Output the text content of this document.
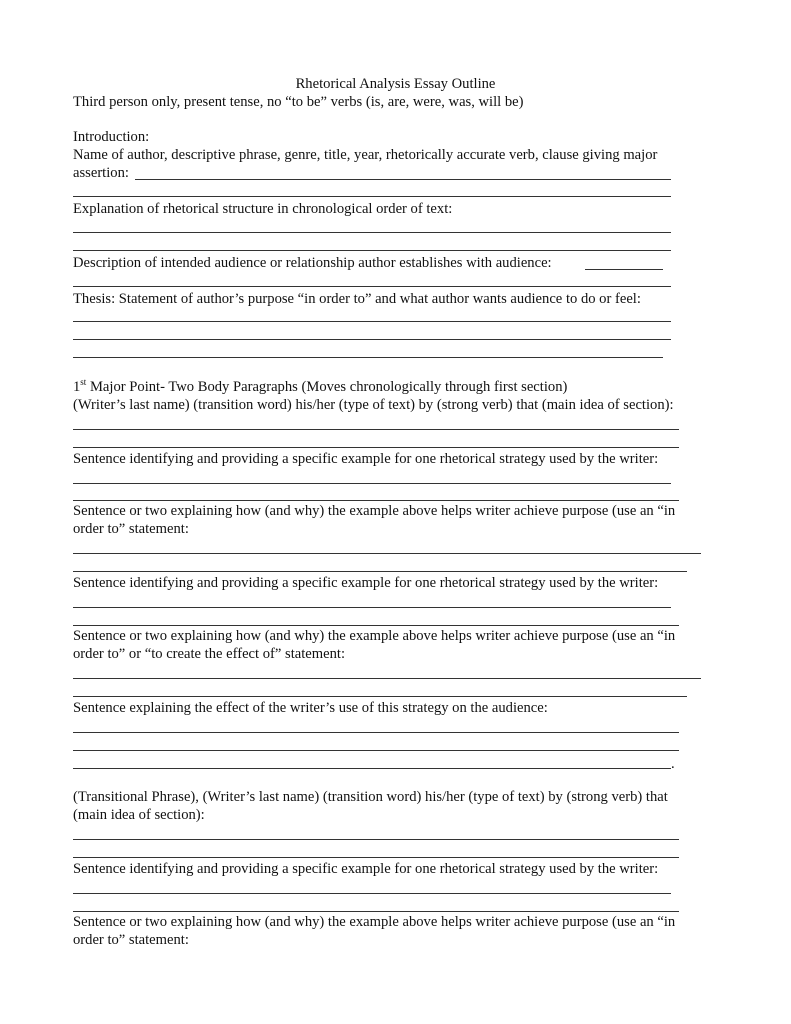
Rhetorical Analysis Essay Outline
Third person only, present tense, no “to be” verbs (is, are, were, was, will be)
Introduction:
Name of author, descriptive phrase, genre, title, year, rhetorically accurate verb, clause giving major
assertion:
Explanation of rhetorical structure in chronological order of text:
Description of intended audience or relationship author establishes with audience:
Thesis: Statement of author’s purpose “in order to” and what author wants audience to do or feel:
1st Major Point- Two Body Paragraphs (Moves chronologically through first section)
(Writer’s last name) (transition word) his/her (type of text) by (strong verb) that (main idea of section):
Sentence identifying and providing a specific example for one rhetorical strategy used by the writer:
Sentence or two explaining how (and why) the example above helps writer achieve purpose (use an “in
order to” statement:
Sentence identifying and providing a specific example for one rhetorical strategy used by the writer:
Sentence or two explaining how (and why) the example above helps writer achieve purpose (use an “in
order to” or “to create the effect of” statement:
Sentence explaining the effect of the writer’s use of this strategy on the audience:
.
(Transitional Phrase), (Writer’s last name) (transition word) his/her (type of text) by (strong verb) that
(main idea of section):
Sentence identifying and providing a specific example for one rhetorical strategy used by the writer:
Sentence or two explaining how (and why) the example above helps writer achieve purpose (use an “in
order to” statement:
